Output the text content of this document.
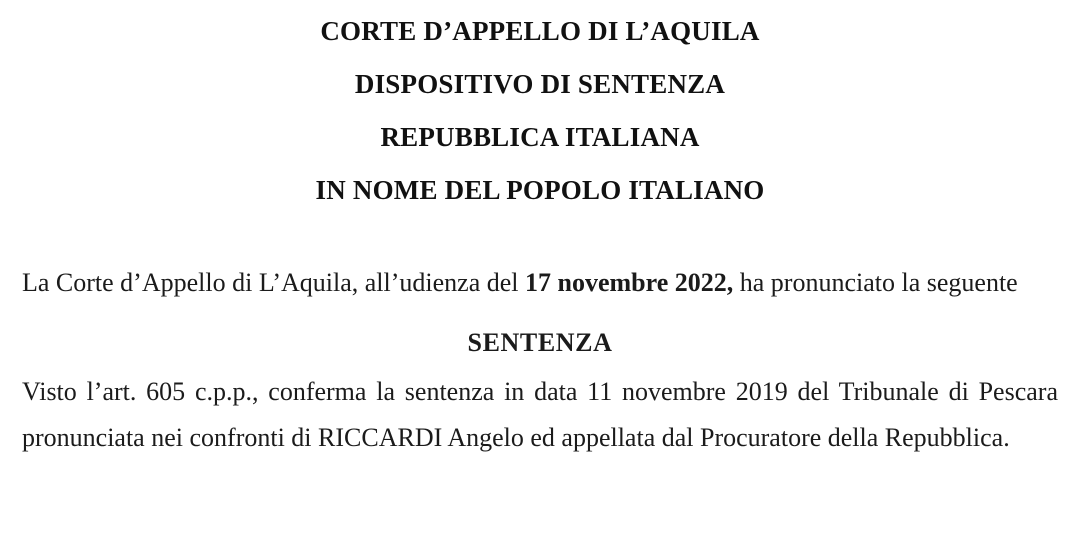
CORTE D’APPELLO DI L’AQUILA
DISPOSITIVO DI SENTENZA
REPUBBLICA ITALIANA
IN NOME DEL POPOLO ITALIANO

La Corte d’Appello di L’Aquila, all’udienza del 17 novembre 2022, ha pronunciato la seguente

SENTENZA

Visto l’art. 605 c.p.p., conferma la sentenza in data 11 novembre 2019 del Tribunale di Pescara pronunciata nei confronti di RICCARDI Angelo ed appellata dal Procuratore della Repubblica.
